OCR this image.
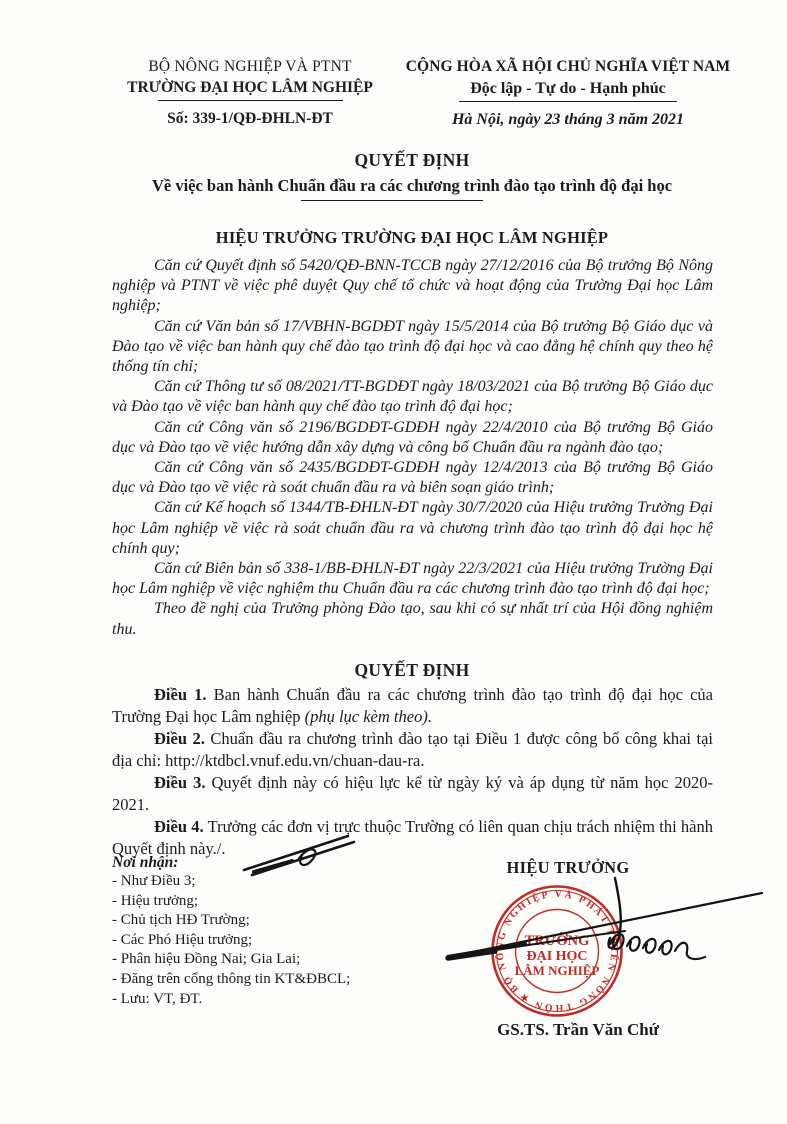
BỘ NÔNG NGHIỆP VÀ PTNT
TRƯỜNG ĐẠI HỌC LÂM NGHIỆP
Số: 339-1/QĐ-ĐHLN-ĐT
CỘNG HÒA XÃ HỘI CHỦ NGHĨA VIỆT NAM
Độc lập - Tự do - Hạnh phúc
Hà Nội, ngày 23 tháng 3 năm 2021
QUYẾT ĐỊNH
Về việc ban hành Chuẩn đầu ra các chương trình đào tạo trình độ đại học
HIỆU TRƯỞNG TRƯỜNG ĐẠI HỌC LÂM NGHIỆP

Căn cứ Quyết định số 5420/QĐ-BNN-TCCB ngày 27/12/2016 của Bộ trưởng Bộ Nông nghiệp và PTNT về việc phê duyệt Quy chế tổ chức và hoạt động của Trường Đại học Lâm nghiệp;

Căn cứ Văn bản số 17/VBHN-BGDĐT ngày 15/5/2014 của Bộ trưởng Bộ Giáo dục và Đào tạo về việc ban hành quy chế đào tạo trình độ đại học và cao đẳng hệ chính quy theo hệ thống tín chỉ;

Căn cứ Thông tư số 08/2021/TT-BGDĐT ngày 18/03/2021 của Bộ trưởng Bộ Giáo dục và Đào tạo về việc ban hành quy chế đào tạo trình độ đại học;

Căn cứ Công văn số 2196/BGDĐT-GDĐH ngày 22/4/2010 của Bộ trưởng Bộ Giáo dục và Đào tạo về việc hướng dẫn xây dựng và công bố Chuẩn đầu ra ngành đào tạo;

Căn cứ Công văn số 2435/BGDĐT-GDĐH ngày 12/4/2013 của Bộ trưởng Bộ Giáo dục và Đào tạo về việc rà soát chuẩn đầu ra và biên soạn giáo trình;

Căn cứ Kế hoạch số 1344/TB-ĐHLN-ĐT ngày 30/7/2020 của Hiệu trưởng Trường Đại học Lâm nghiệp về việc rà soát chuẩn đầu ra và chương trình đào tạo trình độ đại học hệ chính quy;

Căn cứ Biên bản số 338-1/BB-ĐHLN-ĐT ngày 22/3/2021 của Hiệu trưởng Trường Đại học Lâm nghiệp về việc nghiệm thu Chuẩn đầu ra các chương trình đào tạo trình độ đại học;

Theo đề nghị của Trưởng phòng Đào tạo, sau khi có sự nhất trí của Hội đồng nghiệm thu.

QUYẾT ĐỊNH

Điều 1. Ban hành Chuẩn đầu ra các chương trình đào tạo trình độ đại học của Trường Đại học Lâm nghiệp (phụ lục kèm theo).

Điều 2. Chuẩn đầu ra chương trình đào tạo tại Điều 1 được công bố công khai tại địa chỉ: http://ktdbcl.vnuf.edu.vn/chuan-dau-ra.

Điều 3. Quyết định này có hiệu lực kể từ ngày ký và áp dụng từ năm học 2020-2021.

Điều 4. Trưởng các đơn vị trực thuộc Trường có liên quan chịu trách nhiệm thi hành Quyết định này./.

Nơi nhận:
- Như Điều 3;
- Hiệu trưởng;
- Chủ tịch HĐ Trường;
- Các Phó Hiệu trưởng;
- Phân hiệu Đồng Nai; Gia Lai;
- Đăng trên cổng thông tin KT&ĐBCL;
- Lưu: VT, ĐT.
HIỆU TRƯỞNG
BỘ NÔNG NGHIỆP VÀ PHÁT TRIỂN NÔNG THÔN ★
TRƯỜNG
ĐẠI HỌC
LÂM NGHIỆP
GS.TS. Trần Văn Chứ
